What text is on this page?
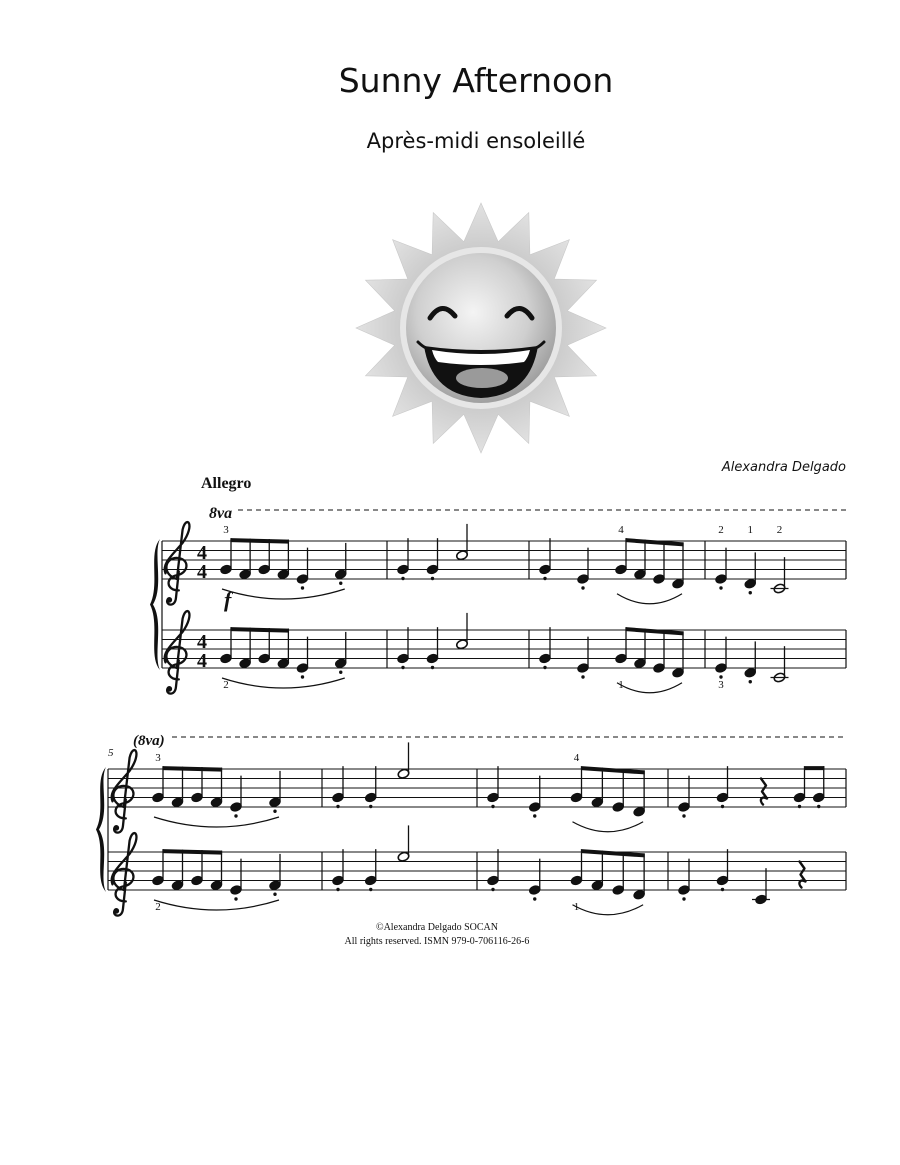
Sunny Afternoon
Après-midi ensoleillé
Alexandra Delgado
Allegro
8va
(8va)
5
f
©Alexandra Delgado SOCAN
All rights reserved. ISMN 979-0-706116-26-6
4
4
3	4	2 1 2
4
4
2	1	3
3	4
2	1
